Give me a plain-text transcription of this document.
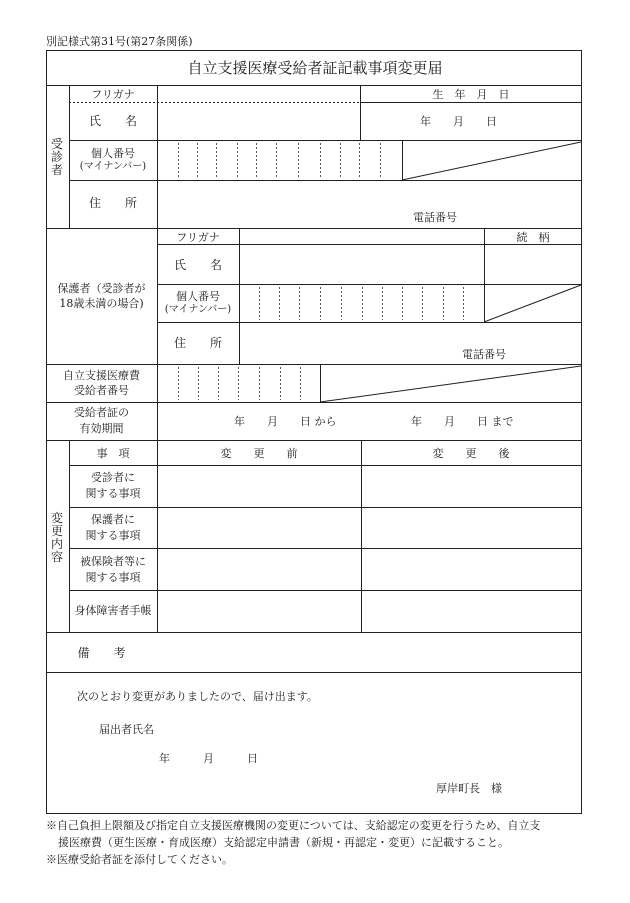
別記様式第31号(第27条関係)
自立支援医療受給者証記載事項変更届
受
診
者
フリガナ	生　年　月　日
氏　　名	年　　月　　日
個人番号
(マイナンバー)
住　　所
電話番号
保護者（受診者が
18歳未満の場合)
フリガナ	続　柄
氏　　名
個人番号
(マイナンバー)
住　　所
電話番号
自立支援医療費
受給者番号
受給者証の
有効期間
年　　月　　日 から	年　　月　　日 まで
変
更
内
容
事　項	変　　更　　前	変　　更　　後
受診者に
関する事項
保護者に
関する事項
被保険者等に
関する事項
身体障害者手帳
備　　考
次のとおり変更がありましたので、届け出ます。
届出者氏名
年　　　月　　　日
厚岸町長　様
※自己負担上限額及び指定自立支援医療機関の変更については、支給認定の変更を行うため、自立支
援医療費（更生医療・育成医療）支給認定申請書（新規・再認定・変更）に記載すること。
※医療受給者証を添付してください。
